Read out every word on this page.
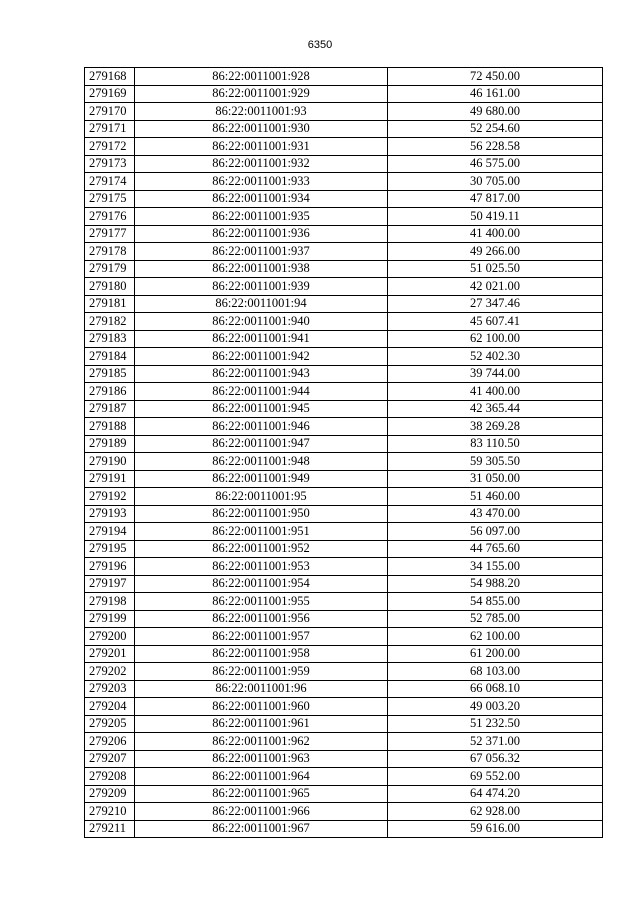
6350
279168	86:22:0011001:928	72 450.00
279169	86:22:0011001:929	46 161.00
279170	86:22:0011001:93	49 680.00
279171	86:22:0011001:930	52 254.60
279172	86:22:0011001:931	56 228.58
279173	86:22:0011001:932	46 575.00
279174	86:22:0011001:933	30 705.00
279175	86:22:0011001:934	47 817.00
279176	86:22:0011001:935	50 419.11
279177	86:22:0011001:936	41 400.00
279178	86:22:0011001:937	49 266.00
279179	86:22:0011001:938	51 025.50
279180	86:22:0011001:939	42 021.00
279181	86:22:0011001:94	27 347.46
279182	86:22:0011001:940	45 607.41
279183	86:22:0011001:941	62 100.00
279184	86:22:0011001:942	52 402.30
279185	86:22:0011001:943	39 744.00
279186	86:22:0011001:944	41 400.00
279187	86:22:0011001:945	42 365.44
279188	86:22:0011001:946	38 269.28
279189	86:22:0011001:947	83 110.50
279190	86:22:0011001:948	59 305.50
279191	86:22:0011001:949	31 050.00
279192	86:22:0011001:95	51 460.00
279193	86:22:0011001:950	43 470.00
279194	86:22:0011001:951	56 097.00
279195	86:22:0011001:952	44 765.60
279196	86:22:0011001:953	34 155.00
279197	86:22:0011001:954	54 988.20
279198	86:22:0011001:955	54 855.00
279199	86:22:0011001:956	52 785.00
279200	86:22:0011001:957	62 100.00
279201	86:22:0011001:958	61 200.00
279202	86:22:0011001:959	68 103.00
279203	86:22:0011001:96	66 068.10
279204	86:22:0011001:960	49 003.20
279205	86:22:0011001:961	51 232.50
279206	86:22:0011001:962	52 371.00
279207	86:22:0011001:963	67 056.32
279208	86:22:0011001:964	69 552.00
279209	86:22:0011001:965	64 474.20
279210	86:22:0011001:966	62 928.00
279211	86:22:0011001:967	59 616.00
